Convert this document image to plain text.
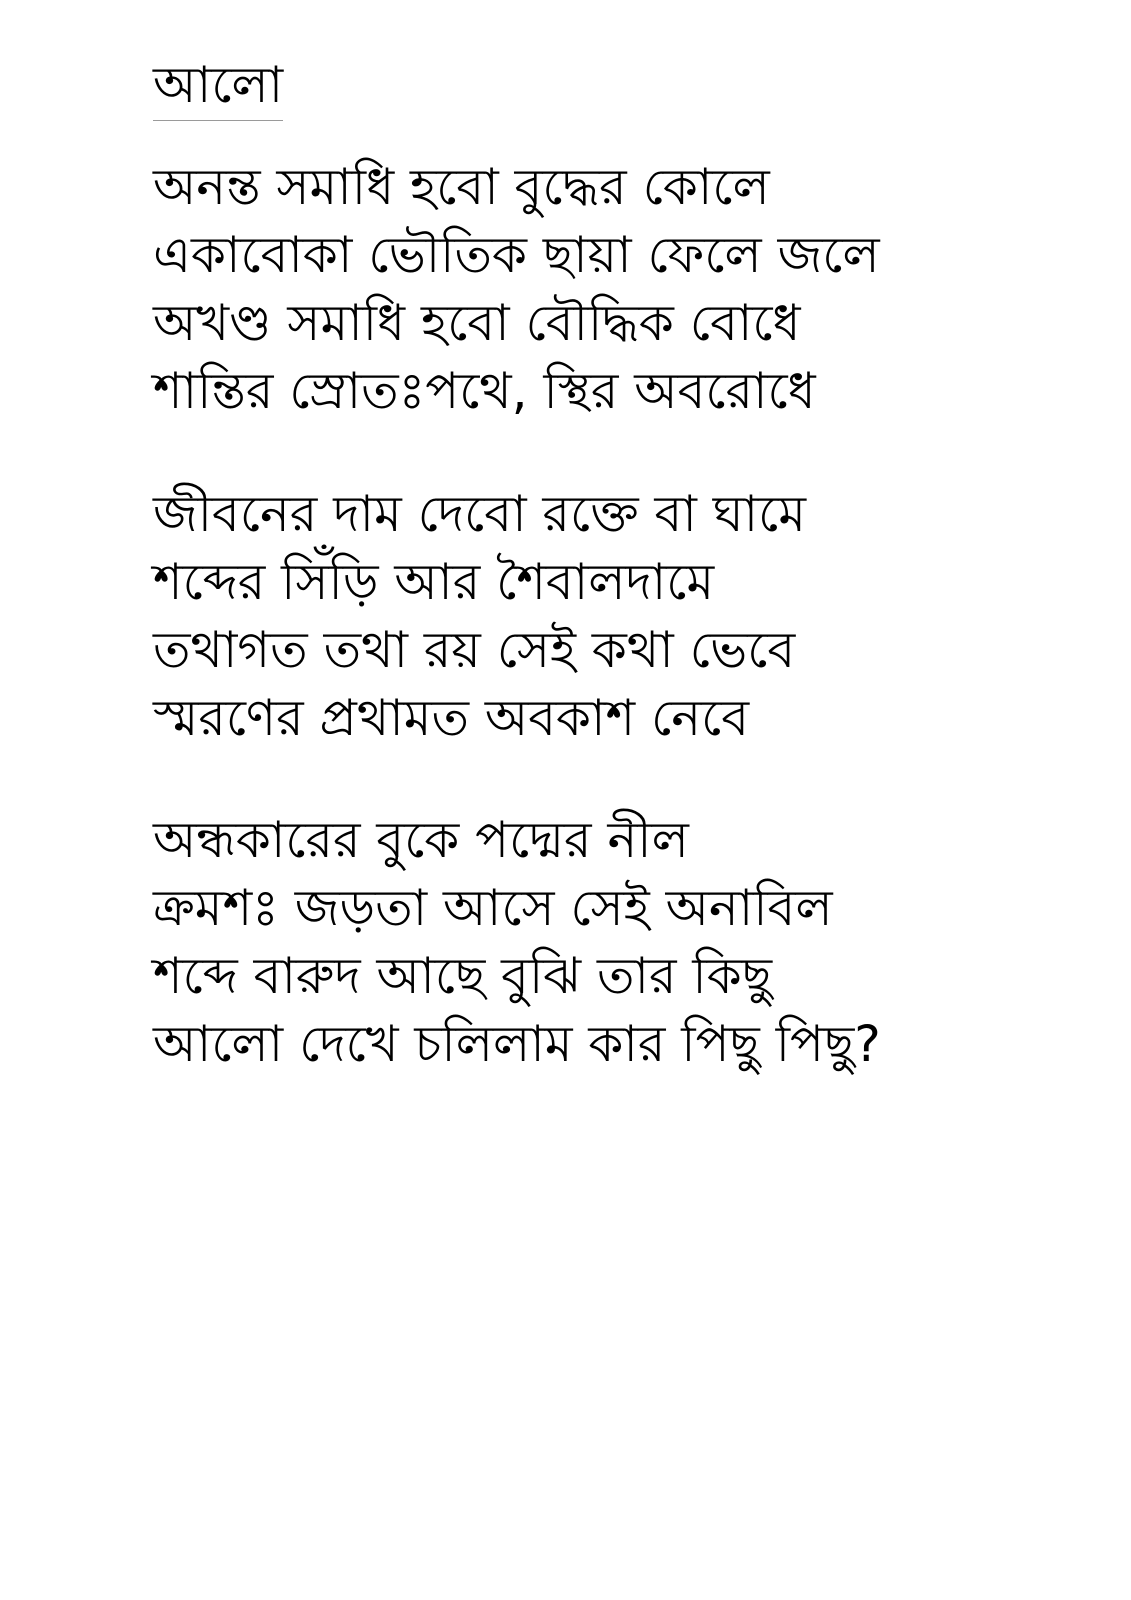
আলো

অনন্ত সমাধি হবো বুদ্ধের কোলে

একাবোকা ভৌতিক ছায়া ফেলে জলে

অখণ্ড সমাধি হবো বৌদ্ধিক বোধে

শান্তির স্রোতঃপথে, স্থির অবরোধে

জীবনের দাম দেবো রক্তে বা ঘামে

শব্দের সিঁড়ি আর শৈবালদামে

তথাগত তথা রয় সেই কথা ভেবে

স্মরণের প্রথামত অবকাশ নেবে

অন্ধকারের বুকে পদ্মের নীল

ক্রমশঃ জড়তা আসে সেই অনাবিল

শব্দে বারুদ আছে বুঝি তার কিছু

আলো দেখে চলিলাম কার পিছু পিছু?
